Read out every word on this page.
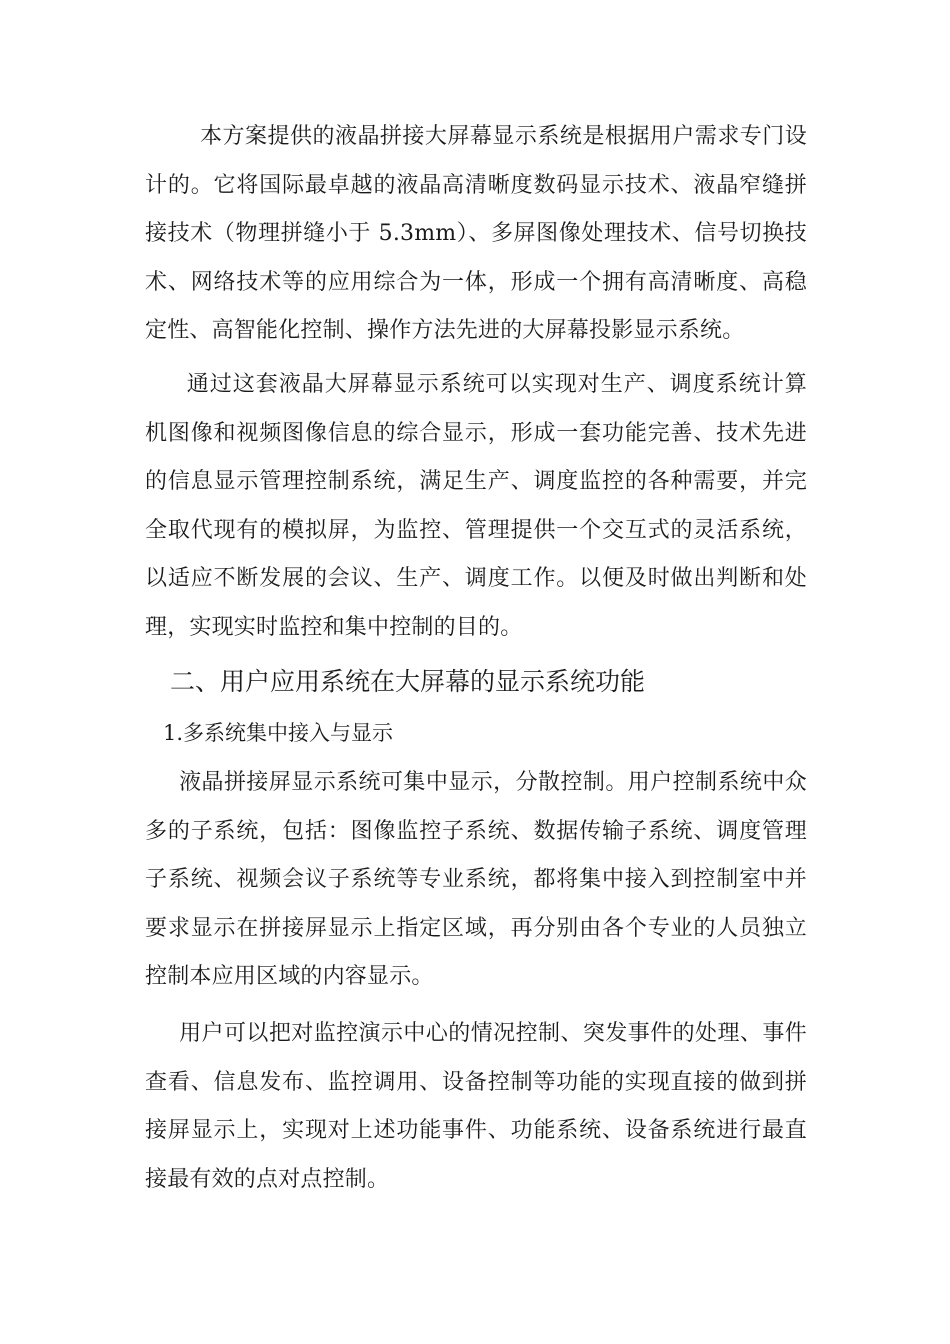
本方案提供的液晶拼接大屏幕显示系统是根据用户需求专门设计的。它将国际最卓越的液晶高清晰度数码显示技术、液晶窄缝拼接技术（物理拼缝小于 5.3mm）、多屏图像处理技术、信号切换技术、网络技术等的应用综合为一体，形成一个拥有高清晰度、高稳定性、高智能化控制、操作方法先进的大屏幕投影显示系统。

通过这套液晶大屏幕显示系统可以实现对生产、调度系统计算机图像和视频图像信息的综合显示，形成一套功能完善、技术先进的信息显示管理控制系统，满足生产、调度监控的各种需要，并完全取代现有的模拟屏，为监控、管理提供一个交互式的灵活系统，以适应不断发展的会议、生产、调度工作。以便及时做出判断和处理，实现实时监控和集中控制的目的。

二、用户应用系统在大屏幕的显示系统功能
1.多系统集中接入与显示

液晶拼接屏显示系统可集中显示，分散控制。用户控制系统中众多的子系统，包括：图像监控子系统、数据传输子系统、调度管理子系统、视频会议子系统等专业系统，都将集中接入到控制室中并要求显示在拼接屏显示上指定区域，再分别由各个专业的人员独立控制本应用区域的内容显示。

用户可以把对监控演示中心的情况控制、突发事件的处理、事件查看、信息发布、监控调用、设备控制等功能的实现直接的做到拼接屏显示上，实现对上述功能事件、功能系统、设备系统进行最直接最有效的点对点控制。
